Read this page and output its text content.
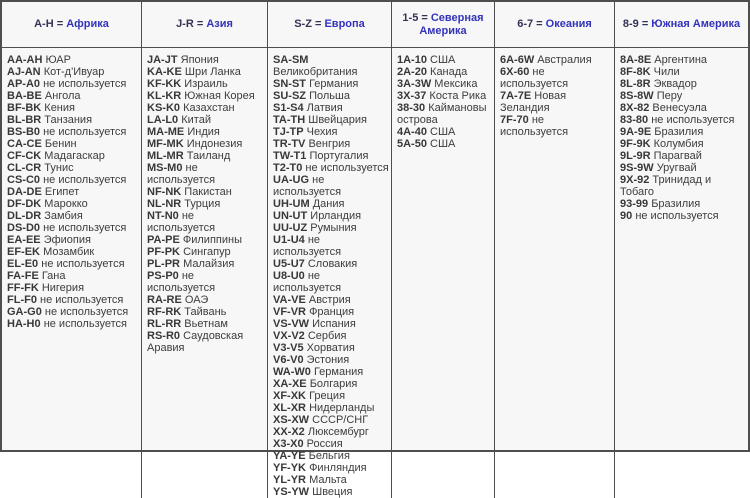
A-H = Африка
AA-AH ЮАР
AJ-AN Кот-д'Ивуар
AP-A0 не используется
BA-BE Ангола
BF-BK Кения
BL-BR Танзания
BS-B0 не используется
CA-CE Бенин
CF-CK Мадагаскар
CL-CR Тунис
CS-C0 не используется
DA-DE Египет
DF-DK Марокко
DL-DR Замбия
DS-D0 не используется
EA-EE Эфиопия
EF-EK Мозамбик
EL-E0 не используется
FA-FE Гана
FF-FK Нигерия
FL-F0 не используется
GA-G0 не используется
HA-H0 не используется
J-R = Азия
JA-JT Япония
KA-KE Шри Ланка
KF-KK Израиль
KL-KR Южная Корея
KS-K0 Казахстан
LA-L0 Китай
MA-ME Индия
MF-MK Индонезия
ML-MR Таиланд
MS-M0 не используется
NF-NK Пакистан
NL-NR Турция
NT-N0 не используется
PA-PE Филиппины
PF-PK Сингапур
PL-PR Малайзия
PS-P0 не используется
RA-RE ОАЭ
RF-RK Тайвань
RL-RR Вьетнам
RS-R0 Саудовская Аравия
S-Z = Европа
SA-SM Великобритания
SN-ST Германия
SU-SZ Польша
S1-S4 Латвия
TA-TH Швейцария
TJ-TP Чехия
TR-TV Венгрия
TW-T1 Португалия
T2-T0 не используется
UA-UG не используется
UH-UM Дания
UN-UT Ирландия
UU-UZ Румыния
U1-U4 не используется
U5-U7 Словакия
U8-U0 не используется
VA-VE Австрия
VF-VR Франция
VS-VW Испания
VX-V2 Сербия
V3-V5 Хорватия
V6-V0 Эстония
WA-W0 Германия
XA-XE Болгария
XF-XK Греция
XL-XR Нидерланды
XS-XW СССР/СНГ
XX-X2 Люксембург
X3-X0 Россия
YA-YE Бельгия
YF-YK Финляндия
YL-YR Мальта
YS-YW Швеция
1-5 = Северная Америка
1A-10 США
2A-20 Канада
3A-3W Мексика
3X-37 Коста Рика
38-30 Каймановы острова
4A-40 США
5A-50 США
6-7 = Океания
6A-6W Австралия
6X-60 не используется
7A-7E Новая Зеландия
7F-70 не используется
8-9 = Южная Америка
8A-8E Аргентина
8F-8K Чили
8L-8R Эквадор
8S-8W Перу
8X-82 Венесуэла
83-80 не используется
9A-9E Бразилия
9F-9K Колумбия
9L-9R Парагвай
9S-9W Уругвай
9X-92 Тринидад и Тобаго
93-99 Бразилия
90 не используется
